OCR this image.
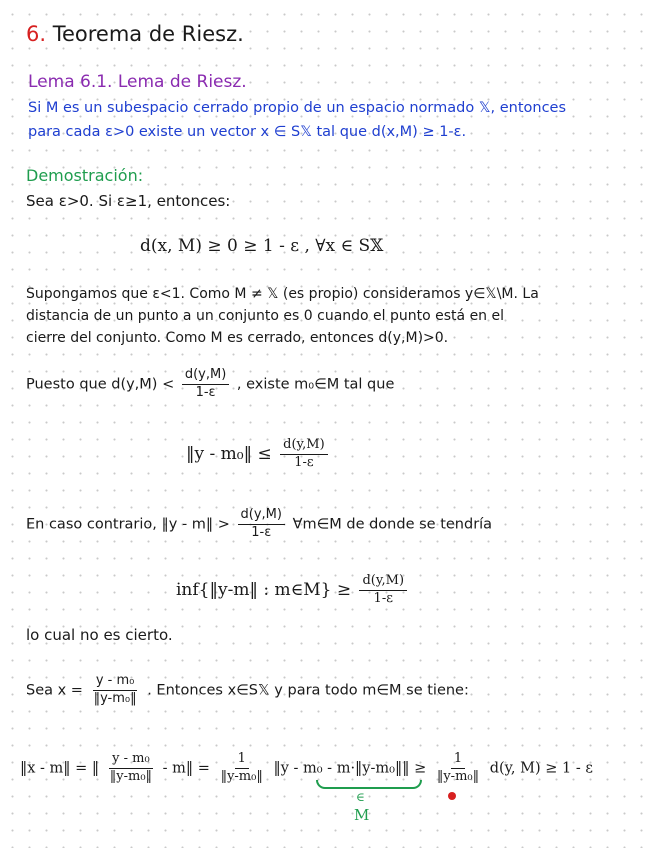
6. Teorema de Riesz.
Lema 6.1. Lema de Riesz.
Si M es un subespacio cerrado propio de un espacio normado 𝕏, entonces
para cada ε>0 existe un vector x ∈ S𝕏 tal que d(x,M) ≥ 1-ε.
Demostración:
Sea ε>0. Si ε≥1, entonces:
d(x, M) ≥ 0 ≥ 1 - ε , ∀x ∈ S𝕏
Supongamos que ε<1. Como M ≠ 𝕏 (es propio) consideramos y∈𝕏\M. La
distancia de un punto a un conjunto es 0 cuando el punto está en el
cierre del conjunto. Como M es cerrado, entonces d(y,M)>0.
Puesto que $d(y,M) < \frac{d(y,M)}{1-\varepsilon}$ , existe m₀∈M tal que
‖y - m₀‖ ≤ $\frac{d(y,M)}{1-\varepsilon}$
En caso contrario, ‖y - m‖ > $\frac{d(y,M)}{1-\varepsilon}$ ∀m∈M de donde se tendría
inf{‖y-m‖ : m∈M} ≥ $\frac{d(y,M)}{1-\varepsilon}$
lo cual no es cierto.
Sea $x = \frac{\text{y - m₀}}{\text{‖y-m₀‖}}$ . Entonces x∈S𝕏 y para todo m∈M se tiene:
‖x - m‖ = ‖ $\frac{\text{y - m₀}}{\text{‖y-m₀‖}}$ - m‖ = $\frac{1}{\text{‖y-m₀‖}}$ ‖y - m₀ - m·‖y-m₀‖‖ ≥ $\frac{1}{\text{‖y-m₀‖}} d(y$, M) ≥ 1 - ε
∈
M
